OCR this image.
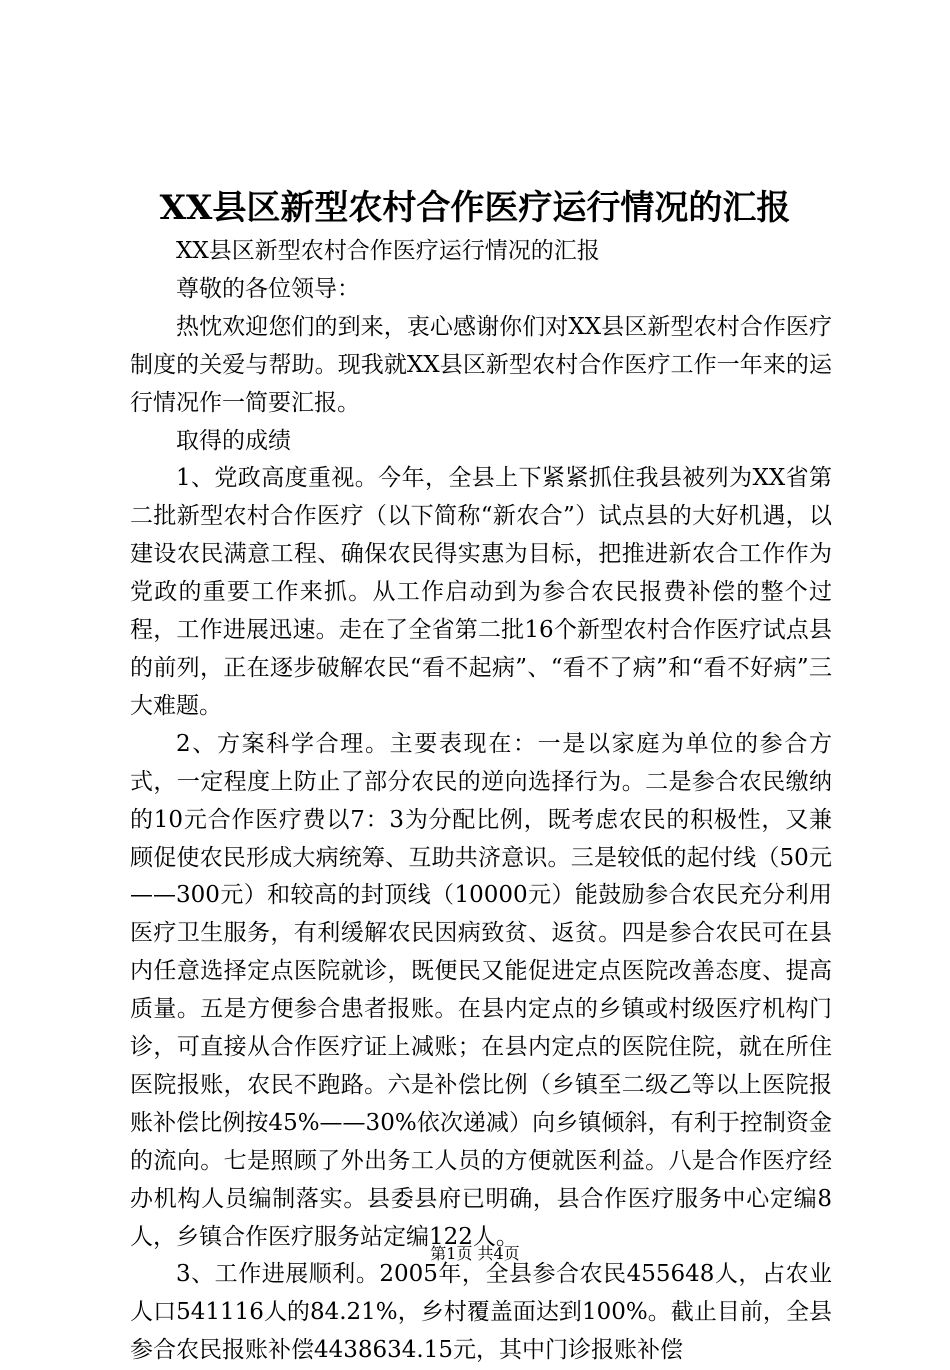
XX县区新型农村合作医疗运行情况的汇报

XX县区新型农村合作医疗运行情况的汇报

尊敬的各位领导：

热忱欢迎您们的到来，衷心感谢你们对XX县区新型农村合作医疗制度的关爱与帮助。现我就XX县区新型农村合作医疗工作一年来的运行情况作一简要汇报。

取得的成绩

1、党政高度重视。今年，全县上下紧紧抓住我县被列为XX省第二批新型农村合作医疗（以下简称“新农合”）试点县的大好机遇，以建设农民满意工程、确保农民得实惠为目标，把推进新农合工作作为党政的重要工作来抓。从工作启动到为参合农民报费补偿的整个过程，工作进展迅速。走在了全省第二批16个新型农村合作医疗试点县的前列，正在逐步破解农民“看不起病”、“看不了病”和“看不好病”三大难题。

2、方案科学合理。主要表现在：一是以家庭为单位的参合方式，一定程度上防止了部分农民的逆向选择行为。二是参合农民缴纳的10元合作医疗费以7：3为分配比例，既考虑农民的积极性，又兼顾促使农民形成大病统筹、互助共济意识。三是较低的起付线（50元——300元）和较高的封顶线（10000元）能鼓励参合农民充分利用医疗卫生服务，有利缓解农民因病致贫、返贫。四是参合农民可在县内任意选择定点医院就诊，既便民又能促进定点医院改善态度、提高质量。五是方便参合患者报账。在县内定点的乡镇或村级医疗机构门诊，可直接从合作医疗证上减账；在县内定点的医院住院，就在所住医院报账，农民不跑路。六是补偿比例（乡镇至二级乙等以上医院报账补偿比例按45%——30%依次递减）向乡镇倾斜，有利于控制资金的流向。七是照顾了外出务工人员的方便就医利益。八是合作医疗经办机构人员编制落实。县委县府已明确，县合作医疗服务中心定编8人，乡镇合作医疗服务站定编122人。

3、工作进展顺利。2005年，全县参合农民455648人，占农业人口541116人的84.21%，乡村覆盖面达到100%。截止目前，全县参合农民报账补偿4438634.15元，其中门诊报账补偿

第1页 共4页
